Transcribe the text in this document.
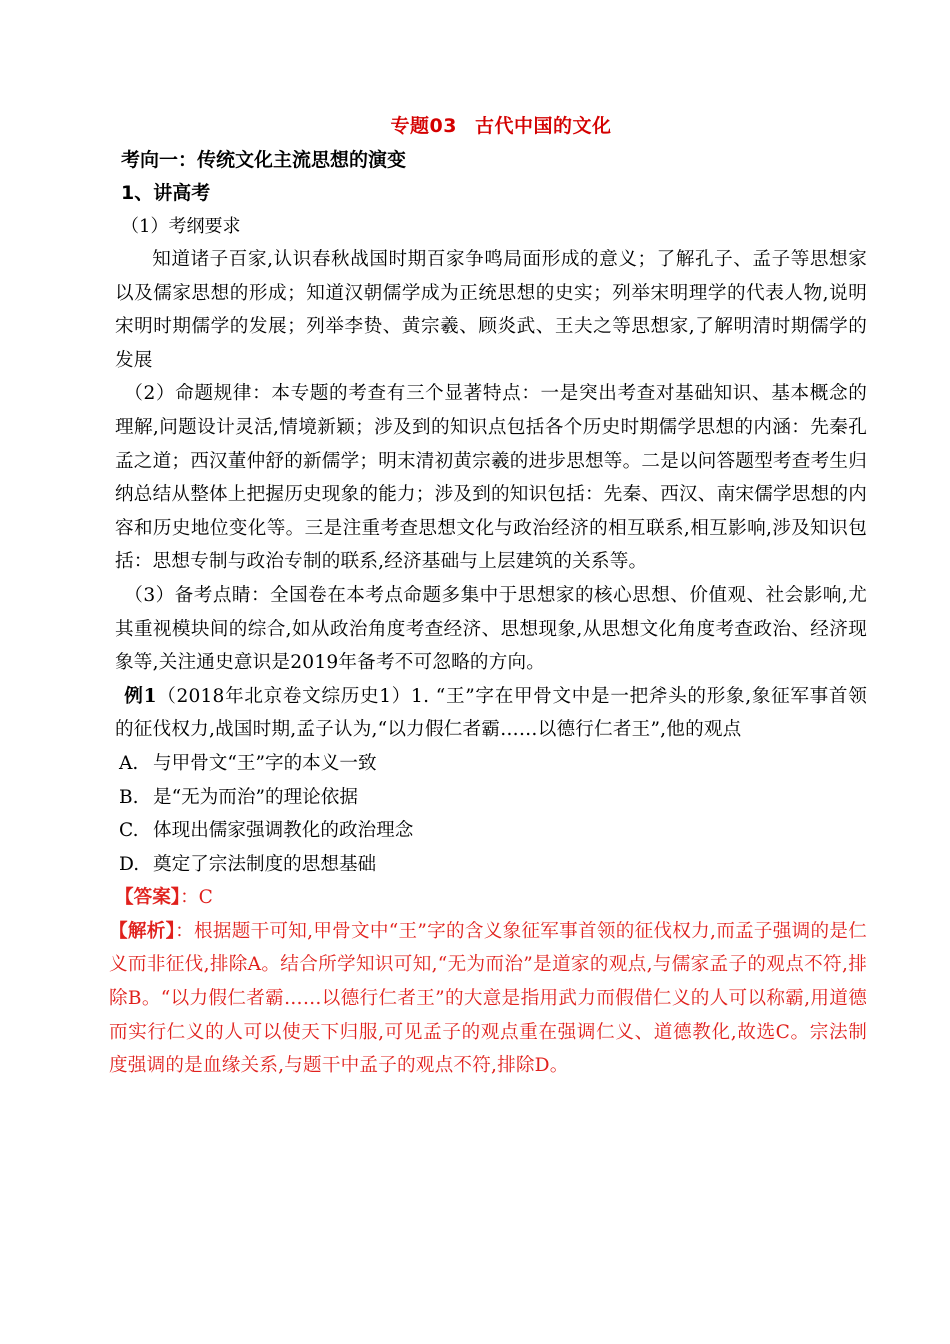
专题03 古代中国的文化
考向一：传统文化主流思想的演变
1、讲高考
（1）考纲要求
知道诸子百家,认识春秋战国时期百家争鸣局面形成的意义；了解孔子、孟子等思想家以及儒家思想的形成；知道汉朝儒学成为正统思想的史实；列举宋明理学的代表人物,说明宋明时期儒学的发展；列举李贽、黄宗羲、顾炎武、王夫之等思想家,了解明清时期儒学的发展
（2）命题规律：本专题的考查有三个显著特点：一是突出考查对基础知识、基本概念的理解,问题设计灵活,情境新颖；涉及到的知识点包括各个历史时期儒学思想的内涵：先秦孔孟之道；西汉董仲舒的新儒学；明末清初黄宗羲的进步思想等。二是以问答题型考查考生归纳总结从整体上把握历史现象的能力；涉及到的知识包括：先秦、西汉、南宋儒学思想的内容和历史地位变化等。三是注重考查思想文化与政治经济的相互联系,相互影响,涉及知识包括：思想专制与政治专制的联系,经济基础与上层建筑的关系等。
（3）备考点睛：全国卷在本考点命题多集中于思想家的核心思想、价值观、社会影响,尤其重视模块间的综合,如从政治角度考查经济、思想现象,从思想文化角度考查政治、经济现象等,关注通史意识是2019年备考不可忽略的方向。
例1（2018年北京卷文综历史1）1. “王”字在甲骨文中是一把斧头的形象,象征军事首领的征伐权力,战国时期,孟子认为,“以力假仁者霸……以德行仁者王”,他的观点
A. 与甲骨文“王”字的本义一致
B. 是“无为而治”的理论依据
C. 体现出儒家强调教化的政治理念
D. 奠定了宗法制度的思想基础
【答案】：C
【解析】：根据题干可知,甲骨文中“王”字的含义象征军事首领的征伐权力,而孟子强调的是仁义而非征伐,排除A。结合所学知识可知,“无为而治”是道家的观点,与儒家孟子的观点不符,排除B。“以力假仁者霸……以德行仁者王”的大意是指用武力而假借仁义的人可以称霸,用道德而实行仁义的人可以使天下归服,可见孟子的观点重在强调仁义、道德教化,故选C。宗法制度强调的是血缘关系,与题干中孟子的观点不符,排除D。
